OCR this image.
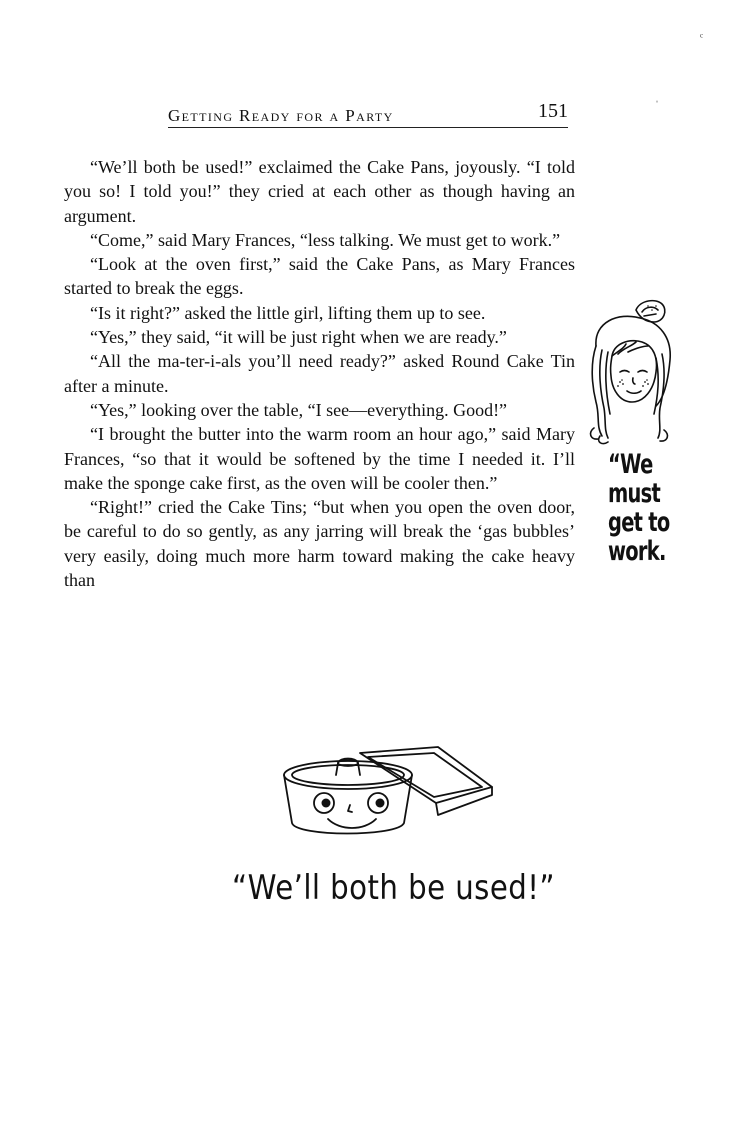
ᶜ
ˈ
Getting Ready for a Party	151

“We’ll both be used!” exclaimed the Cake Pans, joyously. “I told you so! I told you!” they cried at each other as though having an argument.

“Come,” said Mary Frances, “less talking. We must get to work.”

“Look at the oven first,” said the Cake Pans, as Mary Frances started to break the eggs.

“Is it right?” asked the little girl, lifting them up to see.

“Yes,” they said, “it will be just right when we are ready.”

“All the ma-ter-i-als you’ll need ready?” asked Round Cake Tin after a minute.

“Yes,” looking over the table, “I see—everything. Good!”

“I brought the butter into the warm room an hour ago,” said Mary Frances, “so that it would be softened by the time I needed it. I’ll make the sponge cake first, as the oven will be cooler then.”

“Right!” cried the Cake Tins; “but when you open the oven door, be careful to do so gently, as any jarring will break the ‘gas bubbles’ very easily, doing much more harm toward making the cake heavy than

“We
must
get to
work.
“We’ll both be used!”
